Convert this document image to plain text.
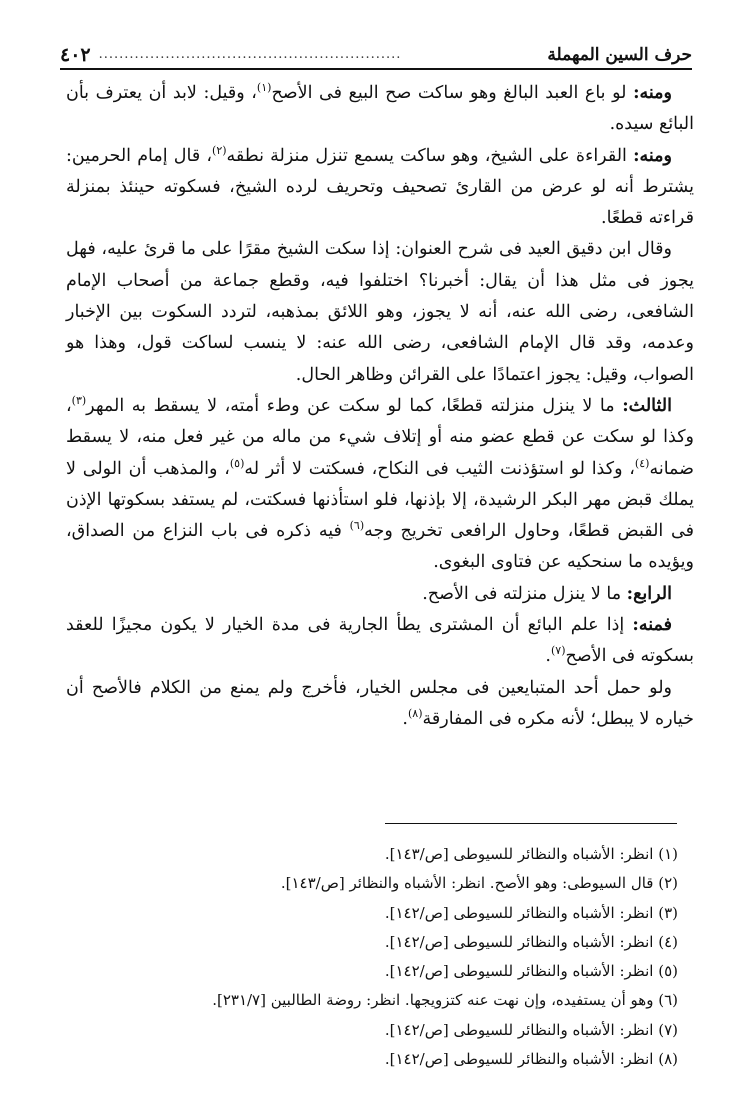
٤٠٢ ...........................................................	حرف السين المهملة

ومنه: لو باع العبد البالغ وهو ساكت صح البيع فى الأصح$^{(١)}$، وقيل: لابد أن يعترف بأن البائع سيده.

ومنه: القراءة على الشيخ، وهو ساكت يسمع تنزل منزلة نطقه$^{(٢)}$، قال إمام الحرمين: يشترط أنه لو عرض من القارئ تصحيف وتحريف لرده الشيخ، فسكوته حينئذ بمنزلة قراءته قطعًا.

وقال ابن دقيق العيد فى شرح العنوان: إذا سكت الشيخ مقرًا على ما قرئ عليه، فهل يجوز فى مثل هذا أن يقال: أخبرنا؟ اختلفوا فيه، وقطع جماعة من أصحاب الإمام الشافعى، رضى الله عنه، أنه لا يجوز، وهو اللائق بمذهبه، لتردد السكوت بين الإخبار وعدمه، وقد قال الإمام الشافعى، رضى الله عنه: لا ينسب لساكت قول، وهذا هو الصواب، وقيل: يجوز اعتمادًا على القرائن وظاهر الحال.

الثالث: ما لا ينزل منزلته قطعًا، كما لو سكت عن وطء أمته، لا يسقط به المهر$^{(٣)}$، وكذا لو سكت عن قطع عضو منه أو إتلاف شيء من ماله من غير فعل منه، لا يسقط ضمانه$^{(٤)}$، وكذا لو استؤذنت الثيب فى النكاح، فسكتت لا أثر له$^{(٥)}$، والمذهب أن الولى لا يملك قبض مهر البكر الرشيدة، إلا بإذنها، فلو استأذنها فسكتت، لم يستفد بسكوتها الإذن فى القبض قطعًا، وحاول الرافعى تخريج وجه$^{(٦)}$ فيه ذكره فى باب النزاع من الصداق، ويؤيده ما سنحكيه عن فتاوى البغوى.

الرابع: ما لا ينزل منزلته فى الأصح.

فمنه: إذا علم البائع أن المشترى يطأ الجارية فى مدة الخيار لا يكون مجيزًا للعقد بسكوته فى الأصح$^{(٧)}$.

ولو حمل أحد المتبايعين فى مجلس الخيار، فأخرج ولم يمنع من الكلام فالأصح أن خياره لا يبطل؛ لأنه مكره فى المفارقة$^{(٨)}$.

(١) انظر: الأشباه والنظائر للسيوطى [ص/١٤٣].

(٢) قال السيوطى: وهو الأصح. انظر: الأشباه والنظائر [ص/١٤٣].

(٣) انظر: الأشباه والنظائر للسيوطى [ص/١٤٢].

(٤) انظر: الأشباه والنظائر للسيوطى [ص/١٤٢].

(٥) انظر: الأشباه والنظائر للسيوطى [ص/١٤٢].

(٦) وهو أن يستفيده، وإن نهت عنه كتزويجها. انظر: روضة الطالبين [٢٣١/٧].

(٧) انظر: الأشباه والنظائر للسيوطى [ص/١٤٢].

(٨) انظر: الأشباه والنظائر للسيوطى [ص/١٤٢].
